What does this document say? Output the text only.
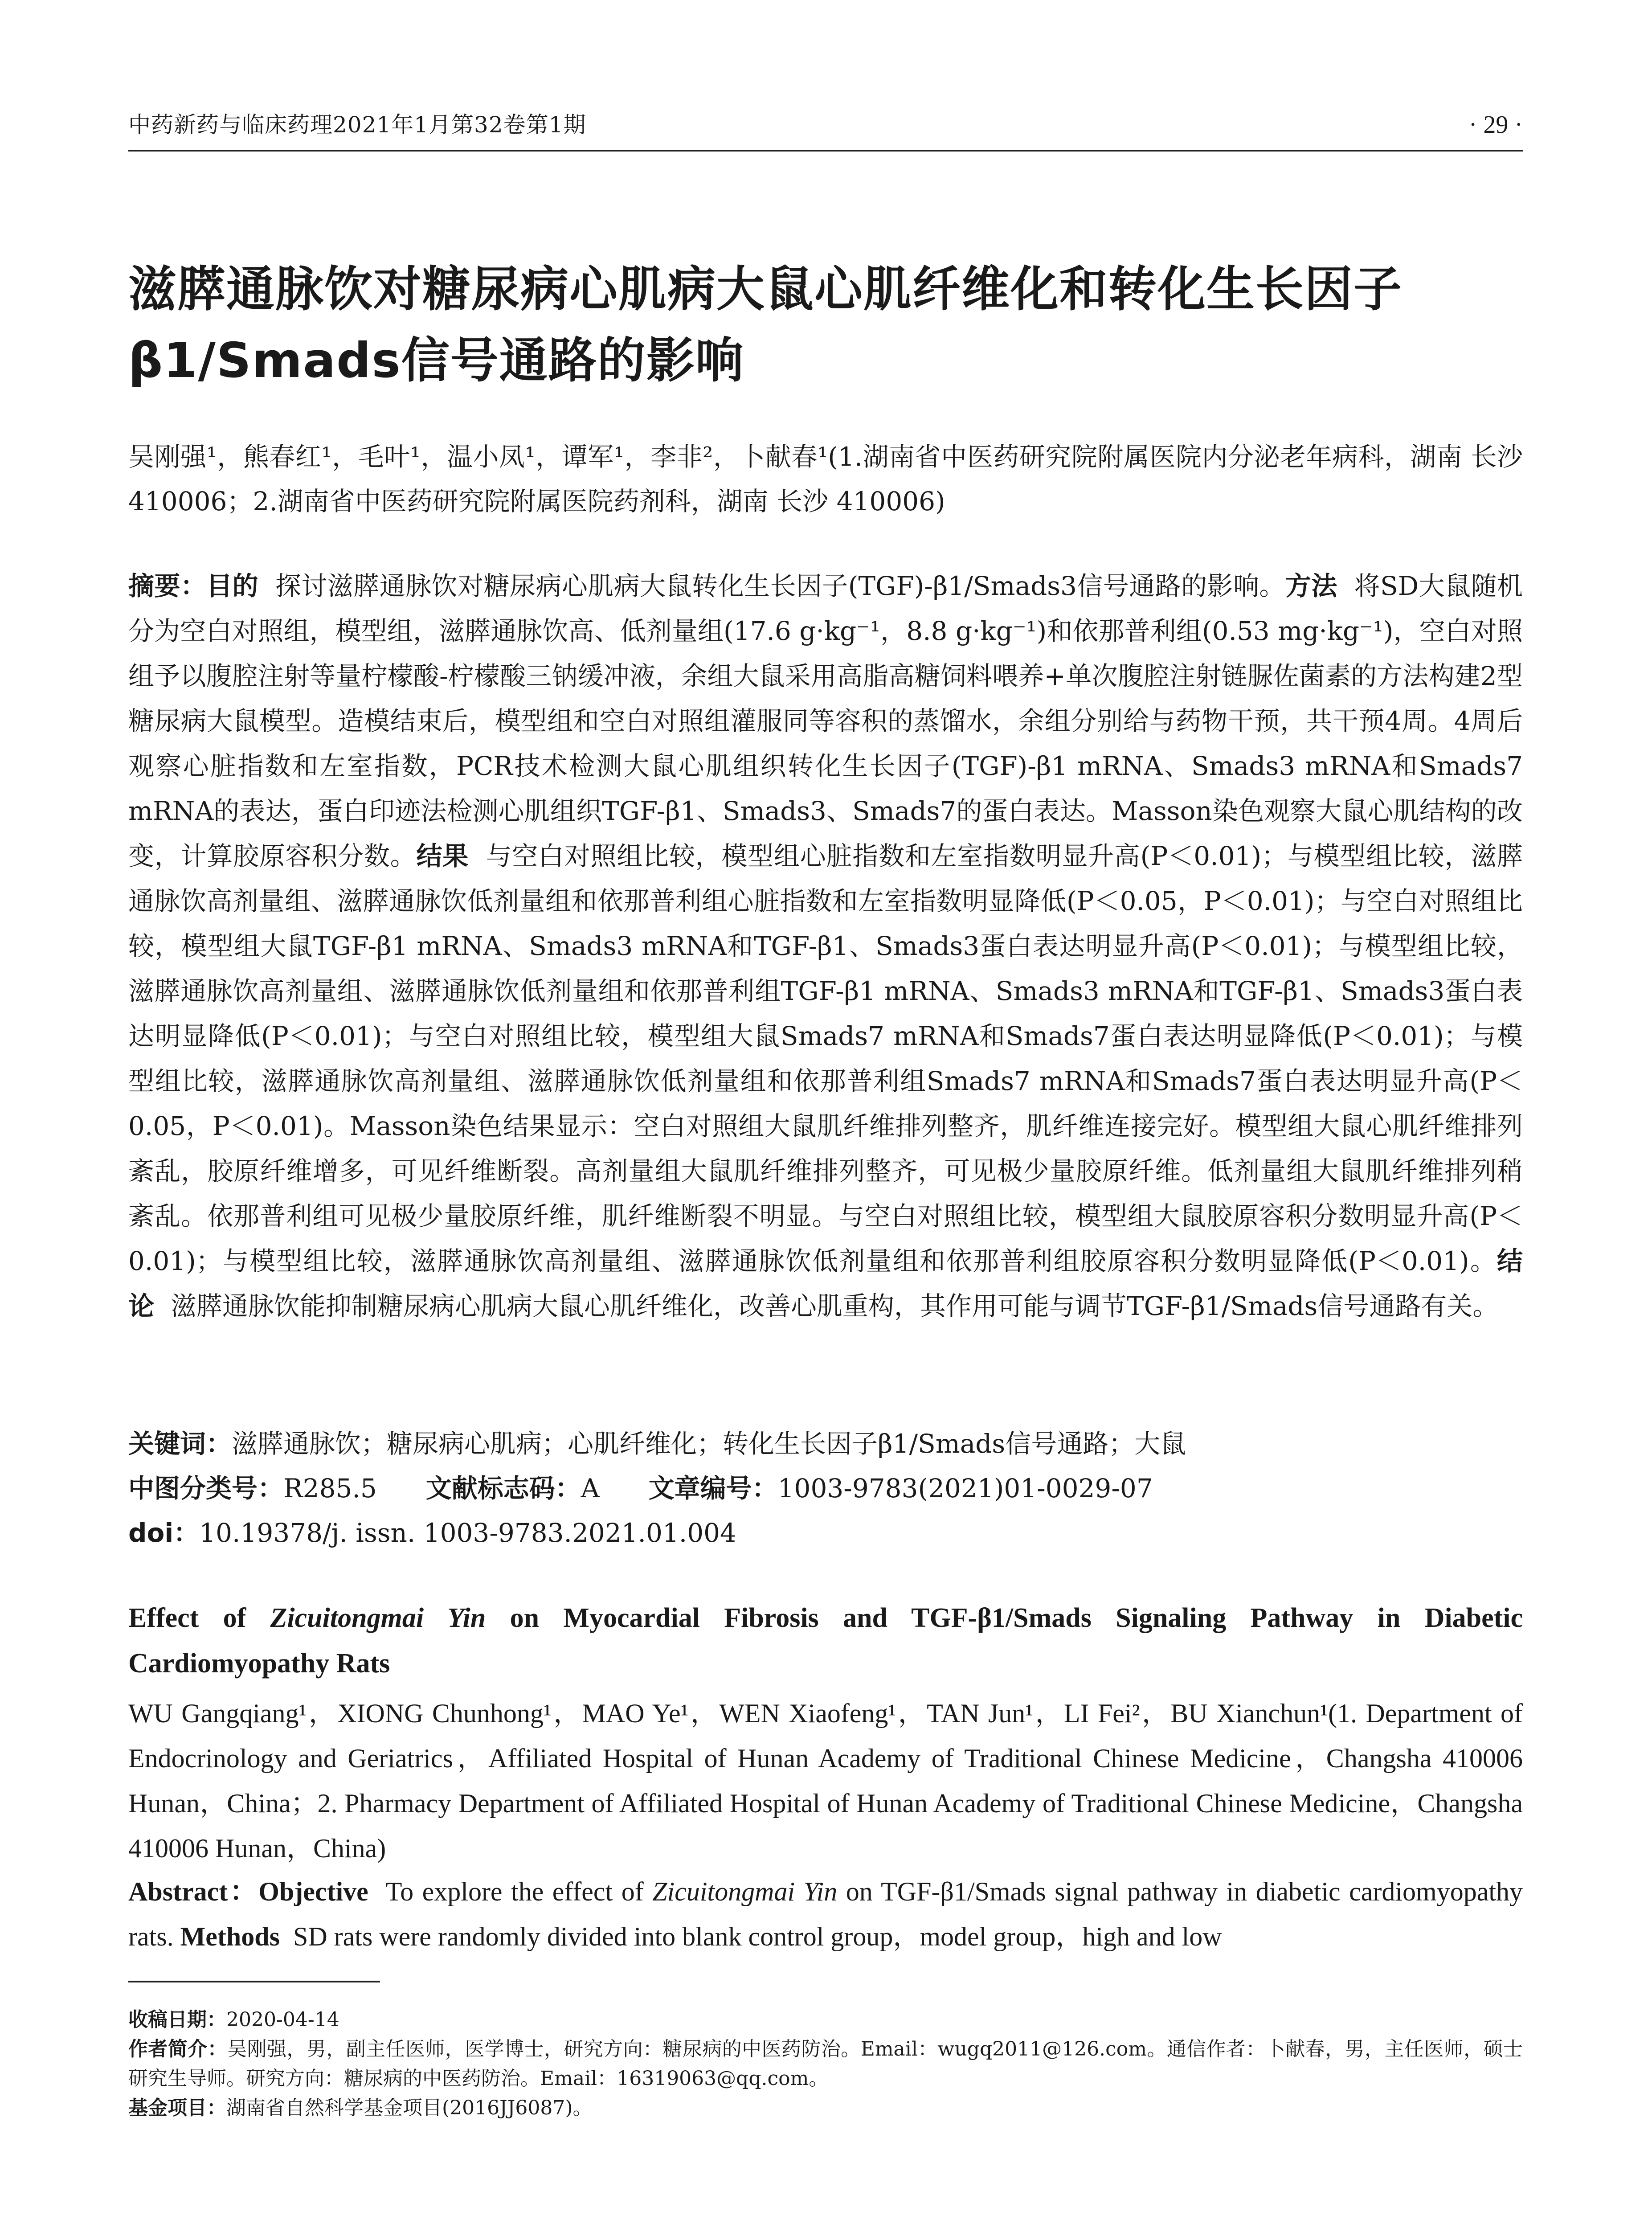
中药新药与临床药理2021年1月第32卷第1期	· 29 ·
滋膵通脉饮对糖尿病心肌病大鼠心肌纤维化和转化生长因子β1/Smads信号通路的影响

吴刚强¹，熊春红¹，毛叶¹，温小凤¹，谭军¹，李非²，卜献春¹(1.湖南省中医药研究院附属医院内分泌老年病科，湖南 长沙 410006；2.湖南省中医药研究院附属医院药剂科，湖南 长沙 410006)

摘要：目的 探讨滋膵通脉饮对糖尿病心肌病大鼠转化生长因子(TGF)-β1/Smads3信号通路的影响。方法 将SD大鼠随机分为空白对照组，模型组，滋膵通脉饮高、低剂量组(17.6 g·kg⁻¹，8.8 g·kg⁻¹)和依那普利组(0.53 mg·kg⁻¹)，空白对照组予以腹腔注射等量柠檬酸-柠檬酸三钠缓冲液，余组大鼠采用高脂高糖饲料喂养+单次腹腔注射链脲佐菌素的方法构建2型糖尿病大鼠模型。造模结束后，模型组和空白对照组灌服同等容积的蒸馏水，余组分别给与药物干预，共干预4周。4周后观察心脏指数和左室指数，PCR技术检测大鼠心肌组织转化生长因子(TGF)-β1 mRNA、Smads3 mRNA和Smads7 mRNA的表达，蛋白印迹法检测心肌组织TGF-β1、Smads3、Smads7的蛋白表达。Masson染色观察大鼠心肌结构的改变，计算胶原容积分数。结果 与空白对照组比较，模型组心脏指数和左室指数明显升高(P＜0.01)；与模型组比较，滋膵通脉饮高剂量组、滋膵通脉饮低剂量组和依那普利组心脏指数和左室指数明显降低(P＜0.05，P＜0.01)；与空白对照组比较，模型组大鼠TGF-β1 mRNA、Smads3 mRNA和TGF-β1、Smads3蛋白表达明显升高(P＜0.01)；与模型组比较，滋膵通脉饮高剂量组、滋膵通脉饮低剂量组和依那普利组TGF-β1 mRNA、Smads3 mRNA和TGF-β1、Smads3蛋白表达明显降低(P＜0.01)；与空白对照组比较，模型组大鼠Smads7 mRNA和Smads7蛋白表达明显降低(P＜0.01)；与模型组比较，滋膵通脉饮高剂量组、滋膵通脉饮低剂量组和依那普利组Smads7 mRNA和Smads7蛋白表达明显升高(P＜0.05，P＜0.01)。Masson染色结果显示：空白对照组大鼠肌纤维排列整齐，肌纤维连接完好。模型组大鼠心肌纤维排列紊乱，胶原纤维增多，可见纤维断裂。高剂量组大鼠肌纤维排列整齐，可见极少量胶原纤维。低剂量组大鼠肌纤维排列稍紊乱。依那普利组可见极少量胶原纤维，肌纤维断裂不明显。与空白对照组比较，模型组大鼠胶原容积分数明显升高(P＜0.01)；与模型组比较，滋膵通脉饮高剂量组、滋膵通脉饮低剂量组和依那普利组胶原容积分数明显降低(P＜0.01)。结论 滋膵通脉饮能抑制糖尿病心肌病大鼠心肌纤维化，改善心肌重构，其作用可能与调节TGF-β1/Smads信号通路有关。

关键词：滋膵通脉饮；糖尿病心肌病；心肌纤维化；转化生长因子β1/Smads信号通路；大鼠
中图分类号：R285.5 文献标志码：A 文章编号：1003-9783(2021)01-0029-07
doi：10.19378/j. issn. 1003-9783.2021.01.004
Effect of Zicuitongmai Yin on Myocardial Fibrosis and TGF-β1/Smads Signaling Pathway in Diabetic Cardiomyopathy Rats

WU Gangqiang¹，XIONG Chunhong¹，MAO Ye¹，WEN Xiaofeng¹，TAN Jun¹，LI Fei²，BU Xianchun¹(1. Department of Endocrinology and Geriatrics，Affiliated Hospital of Hunan Academy of Traditional Chinese Medicine，Changsha 410006 Hunan，China；2. Pharmacy Department of Affiliated Hospital of Hunan Academy of Traditional Chinese Medicine，Changsha 410006 Hunan，China)

Abstract：Objective To explore the effect of Zicuitongmai Yin on TGF-β1/Smads signal pathway in diabetic cardiomyopathy rats. Methods SD rats were randomly divided into blank control group，model group，high and low

收稿日期：2020-04-14
作者简介：吴刚强，男，副主任医师，医学博士，研究方向：糖尿病的中医药防治。Email：wugq2011@126.com。通信作者：卜献春，男，主任医师，硕士研究生导师。研究方向：糖尿病的中医药防治。Email：16319063@qq.com。
基金项目：湖南省自然科学基金项目(2016JJ6087)。
